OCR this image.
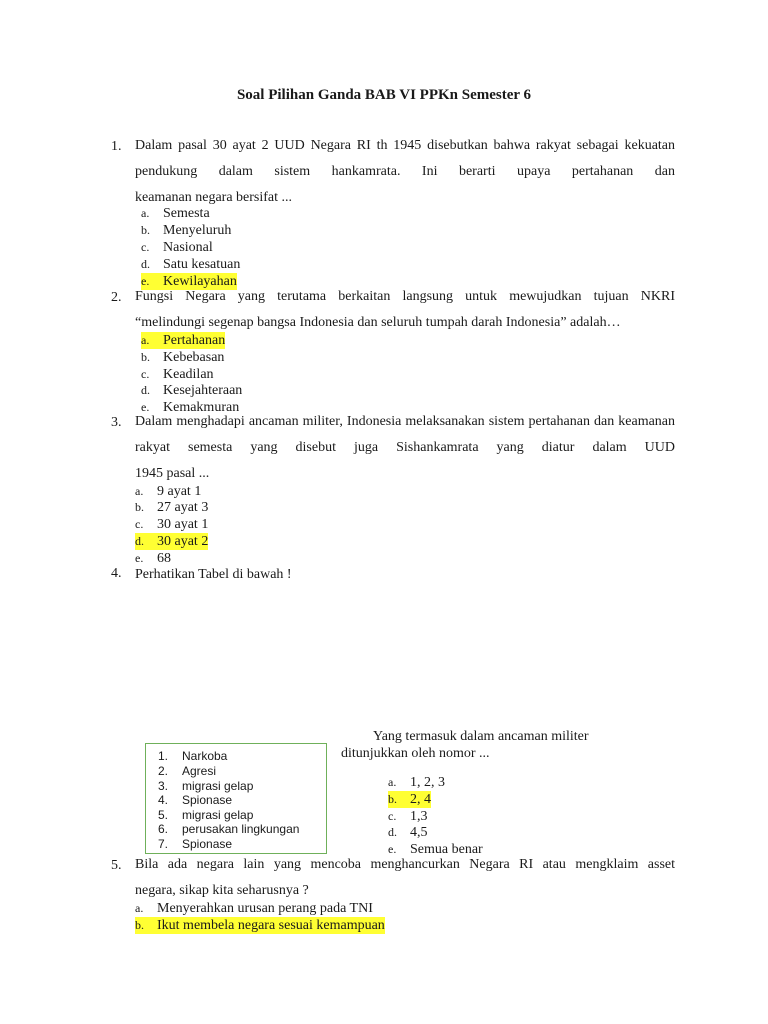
Soal Pilihan Ganda BAB VI PPKn Semester 6
1. Dalam pasal 30 ayat 2 UUD Negara RI th 1945 disebutkan bahwa rakyat sebagai kekuatan pendukung dalam sistem hankamrata. Ini berarti upaya pertahanan dan
keamanan negara bersifat ...
a. Semesta
b. Menyeluruh
c. Nasional
d. Satu kesatuan
e. Kewilayahan
2. Fungsi Negara yang terutama berkaitan langsung untuk mewujudkan tujuan NKRI
“melindungi segenap bangsa Indonesia dan seluruh tumpah darah Indonesia” adalah…
a. Pertahanan
b. Kebebasan
c. Keadilan
d. Kesejahteraan
e. Kemakmuran
3. Dalam menghadapi ancaman militer, Indonesia melaksanakan sistem pertahanan dan keamanan rakyat semesta yang disebut juga Sishankamrata yang diatur dalam UUD
1945 pasal ...
a. 9 ayat 1
b. 27 ayat 3
c. 30 ayat 1
d. 30 ayat 2
e. 68
4. Perhatikan Tabel di bawah !
1. Narkoba
2. Agresi
3. migrasi gelap
4. Spionase
5. migrasi gelap
6. perusakan lingkungan
7. Spionase
Yang termasuk dalam ancaman militer
ditunjukkan oleh nomor ...
a. 1, 2, 3
b. 2, 4
c. 1,3
d. 4,5
e. Semua benar
5. Bila ada negara lain yang mencoba menghancurkan Negara RI atau mengklaim asset
negara, sikap kita seharusnya ?
a. Menyerahkan urusan perang pada TNI
b. Ikut membela negara sesuai kemampuan
